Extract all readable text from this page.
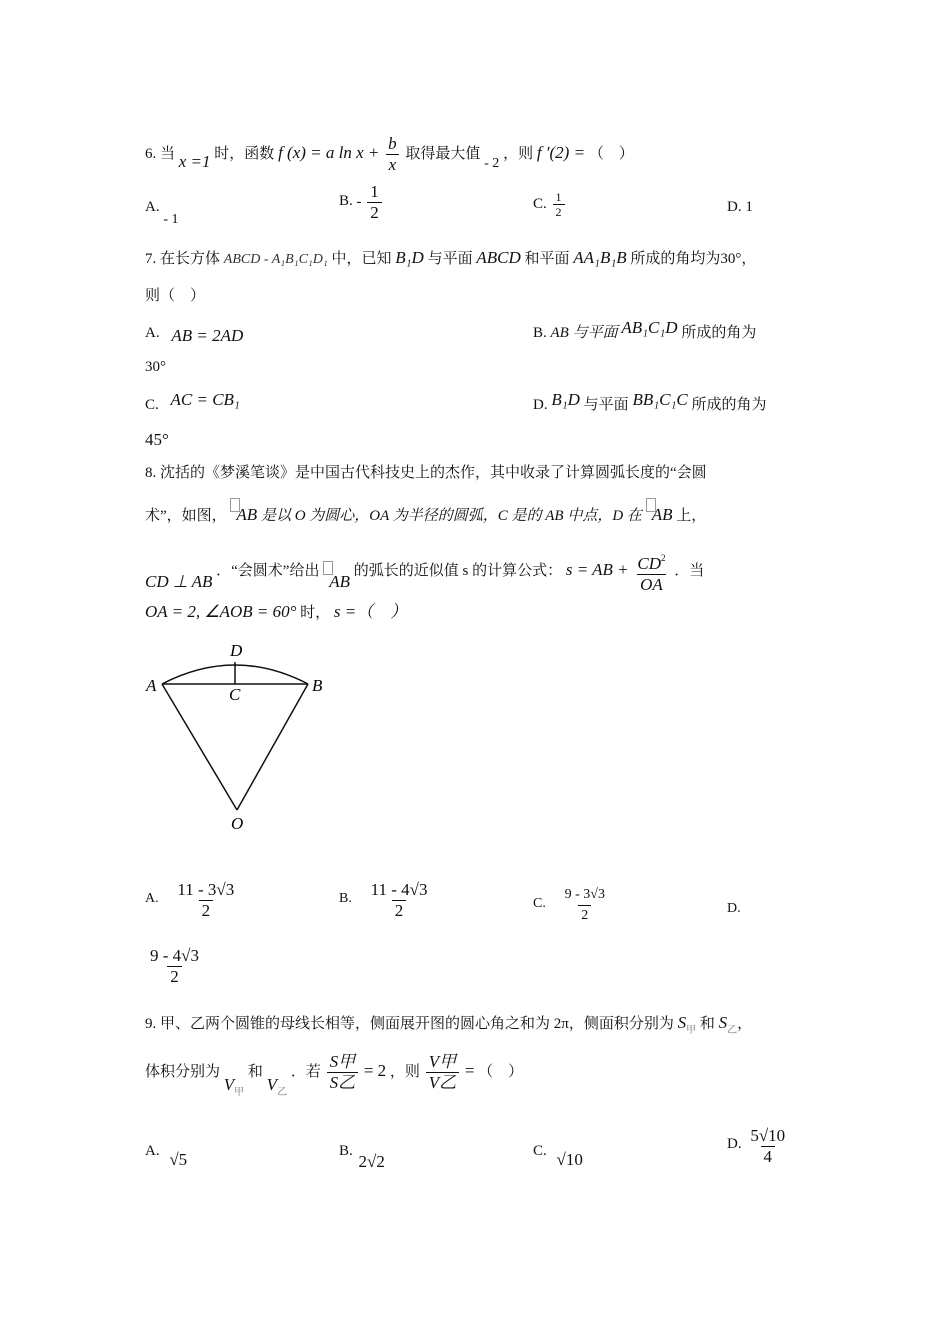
6. 当 x =1 时，函数 f (x) = a $\ln x + \frac{b}{x}$ 取得最大值 - 2 ，则 f ′(2) = （　）
A. - 1
B. - $\frac{1}{2}$	C. $\frac{1}{2}$	D. 1
7. 在长方体 ABCD - A₁B₁C₁D₁ 中，已知 B₁D 与平面 ABCD 和平面 AA₁B₁B 所成的角均为30°，
则（　）
A. AB = 2AD	B. AB 与平面 AB₁C₁D 所成的角为
30°
C. AC = CB₁	D. B₁D 与平面 BB₁C₁C 所成的角为
45°
8. 沈括的《梦溪笔谈》是中国古代科技史上的杰作，其中收录了计算圆弧长度的“会圆
术”，如图， AB 是以 O 为圆心，OA 为半径的圆弧，C 是的 AB 中点，D 在 AB 上，
CD ⊥ AB ．“会圆术”给出 AB 的弧长的近似值 s 的计算公式： s = AB + $\frac{CD^2}{OA}$ ．当
OA = 2, ∠AOB = 60° 时， s =（　）
A	B
C
D
O
A. $\frac{11 - 3√3}{2}$	B. $\frac{11 - 4√3}{2}$	C. $\frac{9 - 3√3}{2}$	D.
$\frac{9 - 4√3}{2}$
9. 甲、乙两个圆锥的母线长相等，侧面展开图的圆心角之和为 2π，侧面积分别为 $S_甲$ 和 $S_乙$，
体积分别为 $V_甲$ 和 $V_乙$ ．若 $\frac{\text{S甲}}{\text{S乙}} = 2$ ，则 $\frac{\text{V甲}}{\text{V乙}}$ = （　）
A. √5	B. 2√2
C. √10
D. $\frac{5√10}{4}$
